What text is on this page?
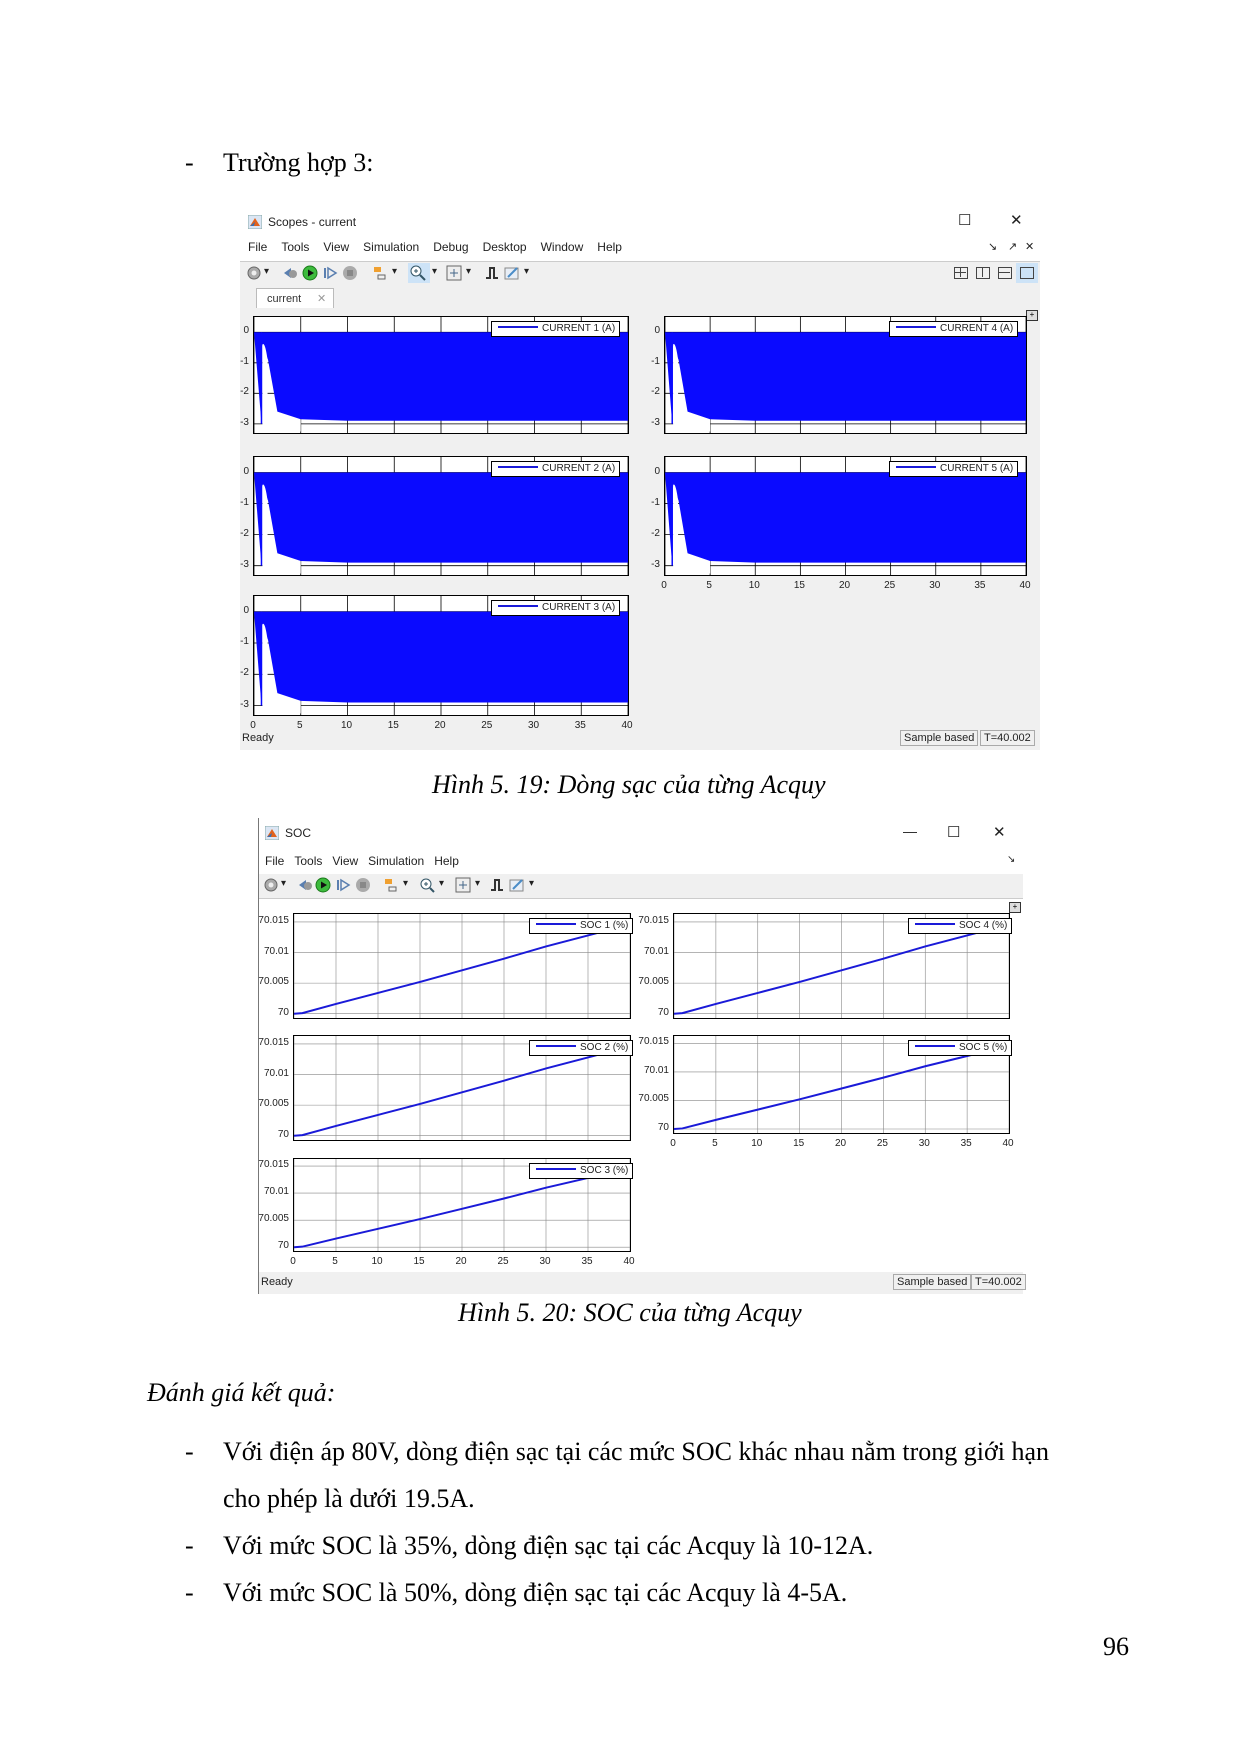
- Trường hợp 3:
Scopes - current	☐	✕
File Tools View Simulation Debug Desktop Window Help	↘ ↗ ✕
▾	▾	▾	▾	▾
current ✕
+
Ready	Sample based T=40.002
CURRENT 1 (A)
0
-1
-2
-3
CURRENT 2 (A)
0
-1
-2
-3
CURRENT 3 (A)
0
-1
-2
-3
0	5	10	15	20	25	30	35	40
CURRENT 4 (A)
0
-1
-2
-3
CURRENT 5 (A)
0
-1
-2
-3
0	5	10	15	20	25	30	35	40
Hình 5. 19: Dòng sạc của từng Acquy
SOC	— ☐ ✕
File Tools View Simulation Help	↘
▾	▾	▾	▾	▾
+
Ready	Sample based T=40.002
SOC 1 (%)
70.015
70.01
70.005
70
SOC 2 (%)
70.015
70.01
70.005
70
SOC 3 (%)
70.015
70.01
70.005
70
0	5	10	15	20	25	30	35	40
SOC 4 (%)
70.015
70.01
70.005
70
SOC 5 (%)
70.015
70.01
70.005
70
0	5	10	15	20	25	30	35	40
Hình 5. 20: SOC của từng Acquy
Đánh giá kết quả:
- Với điện áp 80V, dòng điện sạc tại các mức SOC khác nhau nằm trong giới hạn
cho phép là dưới 19.5A.
- Với mức SOC là 35%, dòng điện sạc tại các Acquy là 10-12A.
- Với mức SOC là 50%, dòng điện sạc tại các Acquy là 4-5A.
96
